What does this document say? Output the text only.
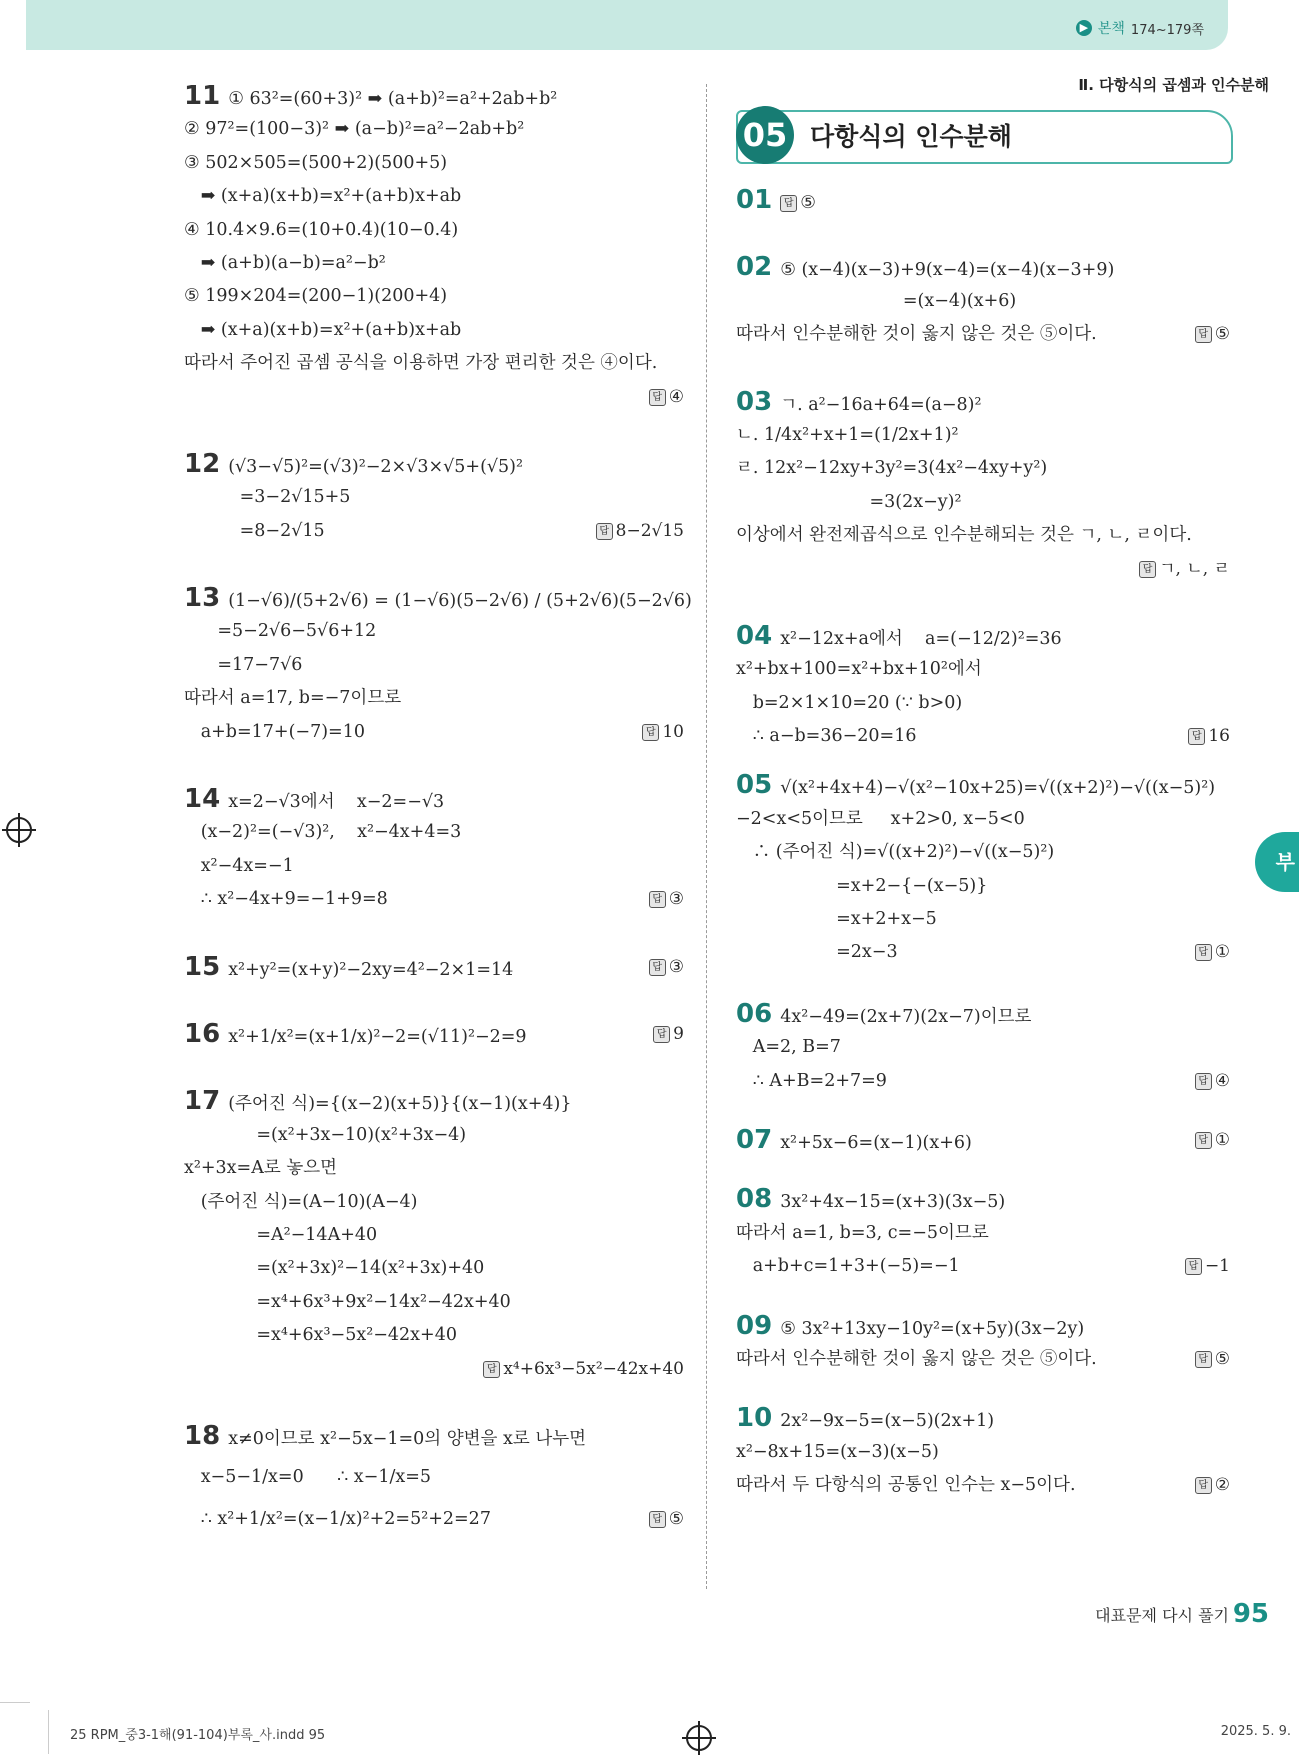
▶ 본책 174~179쪽
11 ① 63²=(60+3)² ➡ (a+b)²=a²+2ab+b²
② 97²=(100−3)² ➡ (a−b)²=a²−2ab+b²
③ 502×505=(500+2)(500+5)
➡ (x+a)(x+b)=x²+(a+b)x+ab
④ 10.4×9.6=(10+0.4)(10−0.4)
➡ (a+b)(a−b)=a²−b²
⑤ 199×204=(200−1)(200+4)
➡ (x+a)(x+b)=x²+(a+b)x+ab
따라서 주어진 곱셈 공식을 이용하면 가장 편리한 것은 ④이다.
답 ④
12 (√3−√5)²=(√3)²−2×√3×√5+(√5)²
=3−2√15+5
=8−2√15	답 8−2√15
13 (1−√6)/(5+2√6) = (1−√6)(5−2√6) / (5+2√6)(5−2√6)
=5−2√6−5√6+12
=17−7√6
따라서 a=17, b=−7이므로
a+b=17+(−7)=10	답 10
14 x=2−√3에서    x−2=−√3
(x−2)²=(−√3)²,    x²−4x+4=3
x²−4x=−1
∴ x²−4x+9=−1+9=8	답 ③
15 x²+y²=(x+y)²−2xy=4²−2×1=14	답 ③
16 x²+1/x²=(x+1/x)²−2=(√11)²−2=9	답 9
17 (주어진 식)={(x−2)(x+5)}{(x−1)(x+4)}
=(x²+3x−10)(x²+3x−4)
x²+3x=A로 놓으면
(주어진 식)=(A−10)(A−4)
=A²−14A+40
=(x²+3x)²−14(x²+3x)+40
=x⁴+6x³+9x²−14x²−42x+40
=x⁴+6x³−5x²−42x+40
답 x⁴+6x³−5x²−42x+40
18 x≠0이므로 x²−5x−1=0의 양변을 x로 나누면
x−5−1/x=0      ∴ x−1/x=5
∴ x²+1/x²=(x−1/x)²+2=5²+2=27	답 ⑤
Ⅱ. 다항식의 곱셈과 인수분해
05 다항식의 인수분해
01 답 ⑤
02 ⑤ (x−4)(x−3)+9(x−4)=(x−4)(x−3+9)
=(x−4)(x+6)
따라서 인수분해한 것이 옳지 않은 것은 ⑤이다.	답 ⑤
03 ㄱ. a²−16a+64=(a−8)²
ㄴ. 1/4x²+x+1=(1/2x+1)²
ㄹ. 12x²−12xy+3y²=3(4x²−4xy+y²)
=3(2x−y)²
이상에서 완전제곱식으로 인수분해되는 것은 ㄱ, ㄴ, ㄹ이다.
답 ㄱ, ㄴ, ㄹ
04 x²−12x+a에서    a=(−12/2)²=36
x²+bx+100=x²+bx+10²에서
b=2×1×10=20 (∵ b>0)
∴ a−b=36−20=16	답 16
05 √(x²+4x+4)−√(x²−10x+25)=√((x+2)²)−√((x−5)²)
−2<x<5이므로     x+2>0, x−5<0
∴ (주어진 식)=√((x+2)²)−√((x−5)²)
=x+2−{−(x−5)}
=x+2+x−5
=2x−3	답 ①
06 4x²−49=(2x+7)(2x−7)이므로
A=2, B=7
∴ A+B=2+7=9	답 ④
07 x²+5x−6=(x−1)(x+6)	답 ①
08 3x²+4x−15=(x+3)(3x−5)
따라서 a=1, b=3, c=−5이므로
a+b+c=1+3+(−5)=−1	답 −1
09 ⑤ 3x²+13xy−10y²=(x+5y)(3x−2y)
따라서 인수분해한 것이 옳지 않은 것은 ⑤이다.	답 ⑤
10 2x²−9x−5=(x−5)(2x+1)
x²−8x+15=(x−3)(x−5)
따라서 두 다항식의 공통인 인수는 x−5이다.	답 ②
부
대표문제 다시 풀기 95
25 RPM_중3-1해(91-104)부록_사.indd 95	2025. 5. 9.
